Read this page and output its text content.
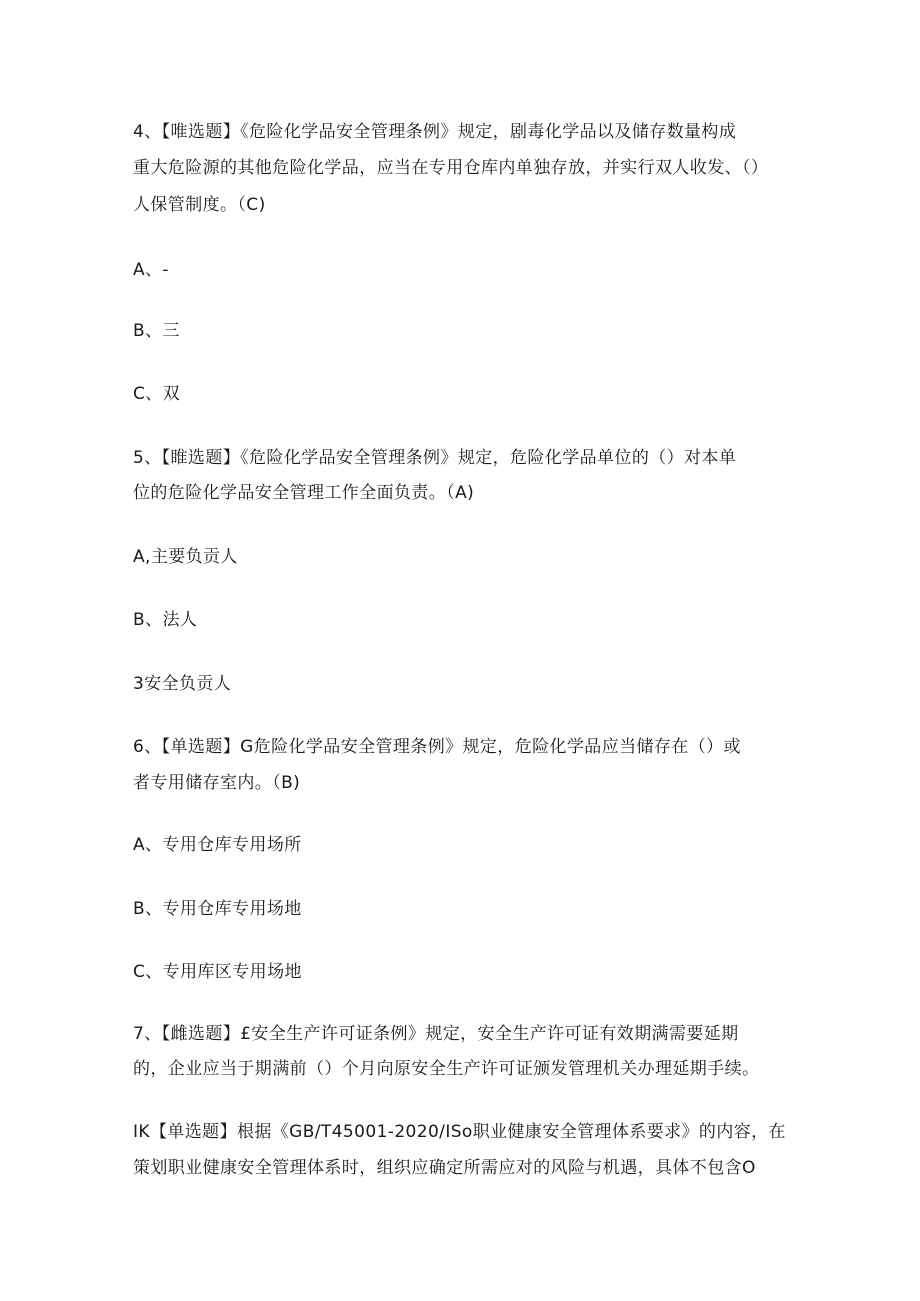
4、【唯选题】《危险化学品安全管理条例》规定，剧毒化学品以及储存数量构成
重大危险源的其他危险化学品，应当在专用仓库内单独存放，并实行双人收发、（）
人保管制度。（C)
A、-
B、三
C、双
5、【睢选题】《危险化学品安全管理条例》规定，危险化学品单位的（）对本单
位的危险化学品安全管理工作全面负责。（A)
A,主要负贡人
B、法人
3安全负贡人
6、【单选题】G危险化学品安全管理条例》规定，危险化学品应当储存在（）或
者专用储存室内。（B)
A、专用仓库专用场所
B、专用仓库专用场地
C、专用库区专用场地
7、【雌选题】£安全生产许可证条例》规定，安全生产许可证有效期满需要延期
的，企业应当于期满前（）个月向原安全生产许可证颁发管理机关办理延期手续。
IK【单选题】根据《GB/T45001-2020/ISo职业健康安全管理体系要求》的内容，在
策划职业健康安全管理体系时，组织应确定所需应对的风险与机遇，具体不包含O
